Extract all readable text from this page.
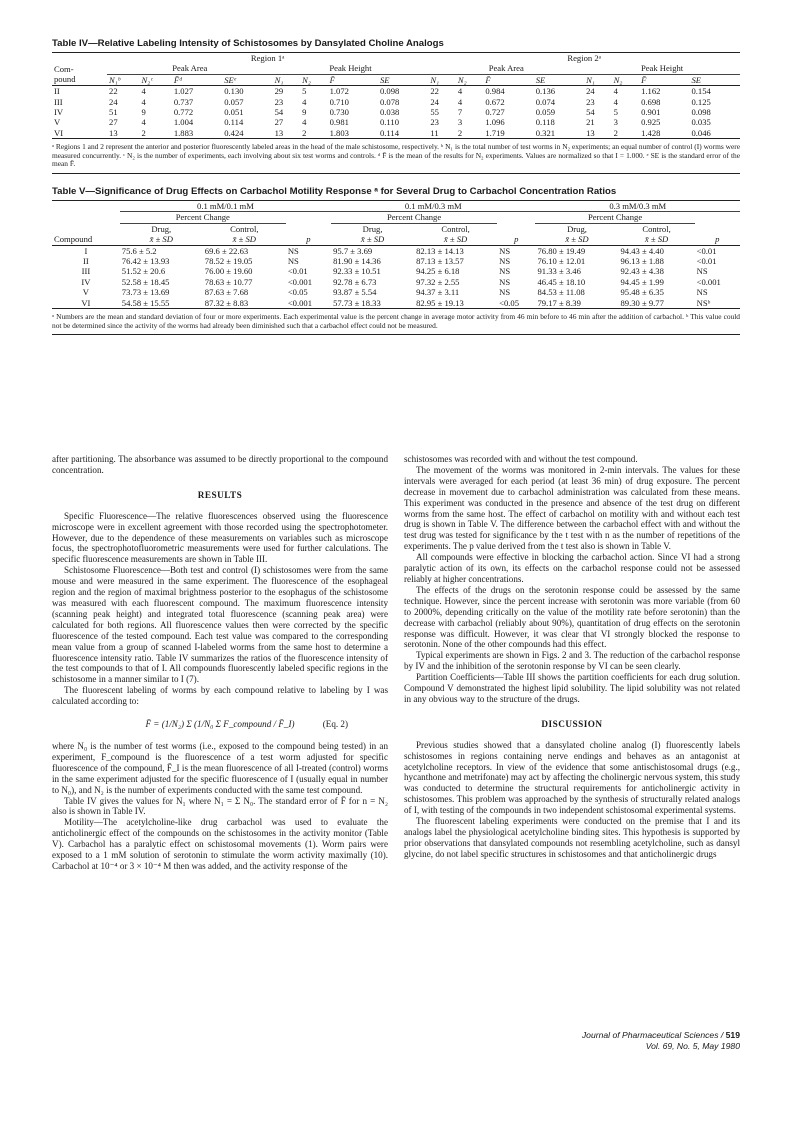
Table IV—Relative Labeling Intensity of Schistosomes by Dansylated Choline Analogs
	Region 1ᵃ								Region 2ᵃ							
Com-
pound	Peak Area				Peak Height				Peak Area				Peak Height			
	N₁ᵇ	N₂ᶜ	F̄ᵈ	SEᵉ	N₁	N₂	F̄	SE	N₁	N₂	F̄	SE	N₁	N₂	F̄	SE
II	22	4	1.027	0.130	29	5	1.072	0.098	22	4	0.984	0.136	24	4	1.162	0.154
III	24	4	0.737	0.057	23	4	0.710	0.078	24	4	0.672	0.074	23	4	0.698	0.125
IV	51	9	0.772	0.051	54	9	0.730	0.038	55	7	0.727	0.059	54	5	0.901	0.098
V	27	4	1.004	0.114	27	4	0.981	0.110	23	3	1.096	0.118	21	3	0.925	0.035
VI	13	2	1.883	0.424	13	2	1.803	0.114	11	2	1.719	0.321	13	2	1.428	0.046
ᵃ Regions 1 and 2 represent the anterior and posterior fluorescently labeled areas in the head of the male schistosome, respectively. ᵇ N₁ is the total number of test worms in N₂ experiments; an equal number of control (I) worms were measured concurrently. ᶜ N₂ is the number of experiments, each involving about six test worms and controls. ᵈ F̄ is the mean of the results for N₂ experiments. Values are normalized so that I = 1.000. ᵉ SE is the standard error of the mean F̄.
Table V—Significance of Drug Effects on Carbachol Motility Response ᵃ for Several Drug to Carbachol Concentration Ratios
	0.1 mM/0.1 mM			0.1 mM/0.3 mM			0.3 mM/0.3 mM		
	Percent Change			Percent Change			Percent Change		
	Drug,	Control,		Drug,	Control,		Drug,	Control,	
Compound	x̄ ± SD	x̄ ± SD	p	x̄ ± SD	x̄ ± SD	p	x̄ ± SD	x̄ ± SD	p
I	75.6 ± 5.2	69.6 ± 22.63	NS	95.7 ± 3.69	82.13 ± 14.13	NS	76.80 ± 19.49	94.43 ± 4.40	<0.01
II	76.42 ± 13.93	78.52 ± 19.05	NS	81.90 ± 14.36	87.13 ± 13.57	NS	76.10 ± 12.01	96.13 ± 1.88	<0.01
III	51.52 ± 20.6	76.00 ± 19.60	<0.01	92.33 ± 10.51	94.25 ± 6.18	NS	91.33 ± 3.46	92.43 ± 4.38	NS
IV	52.58 ± 18.45	78.63 ± 10.77	<0.001	92.78 ± 6.73	97.32 ± 2.55	NS	46.45 ± 18.10	94.45 ± 1.99	<0.001
V	73.73 ± 13.69	87.63 ± 7.68	<0.05	93.87 ± 5.54	94.37 ± 3.11	NS	84.53 ± 11.08	95.48 ± 6.35	NS
VI	54.58 ± 15.55	87.32 ± 8.83	<0.001	57.73 ± 18.33	82.95 ± 19.13	<0.05	79.17 ± 8.39	89.30 ± 9.77	NSᵇ
ᵃ Numbers are the mean and standard deviation of four or more experiments. Each experimental value is the percent change in average motor activity from 46 min before to 46 min after the addition of carbachol. ᵇ This value could not be determined since the activity of the worms had already been diminished such that a carbachol effect could not be measured.

after partitioning. The absorbance was assumed to be directly proportional to the compound concentration.

RESULTS

Specific Fluorescence—The relative fluorescences observed using the fluorescence microscope were in excellent agreement with those recorded using the spectrophotometer. However, due to the dependence of these measurements on variables such as microscope focus, the spectrophotofluorometric measurements were used for further calculations. The specific fluorescence measurements are shown in Table III.

Schistosome Fluorescence—Both test and control (I) schistosomes were from the same mouse and were measured in the same experiment. The fluorescence of the esophageal region and the region of maximal brightness posterior to the esophagus of the schistosome was measured with each fluorescent compound. The maximum fluorescence intensity (scanning peak height) and integrated total fluorescence (scanning peak area) were calculated for both regions. All fluorescence values then were corrected by the specific fluorescence of the tested compound. Each test value was compared to the corresponding mean value from a group of scanned I-labeled worms from the same host to determine a fluorescence intensity ratio. Table IV summarizes the ratios of the fluorescence intensity of the test compounds to that of I. All compounds fluorescently labeled specific regions in the schistosome in a manner similar to I (7).

The fluorescent labeling of worms by each compound relative to labeling by I was calculated according to:

F̄ = (1/N₂) Σ (1/N₀ Σ F_compound / F̄_I)	(Eq. 2)

where N₀ is the number of test worms (i.e., exposed to the compound being tested) in an experiment, F_compound is the fluorescence of a test worm adjusted for specific fluorescence of the compound, F̄_I is the mean fluorescence of all I-treated (control) worms in the same experiment adjusted for the specific fluorescence of I (usually equal in number to N₀), and N₂ is the number of experiments conducted with the same test compound.

Table IV gives the values for N₁ where N₁ = Σ N₀. The standard error of F̄ for n = N₂ also is shown in Table IV.

Motility—The acetylcholine-like drug carbachol was used to evaluate the anticholinergic effect of the compounds on the schistosomes in the activity monitor (Table V). Carbachol has a paralytic effect on schistosomal movements (1). Worm pairs were exposed to a 1 mM solution of serotonin to stimulate the worm activity maximally (10). Carbachol at 10⁻⁴ or 3 × 10⁻⁴ M then was added, and the activity response of the

schistosomes was recorded with and without the test compound.

The movement of the worms was monitored in 2-min intervals. The values for these intervals were averaged for each period (at least 36 min) of drug exposure. The percent decrease in movement due to carbachol administration was calculated from these means. This experiment was conducted in the presence and absence of the test drug on different worms from the same host. The effect of carbachol on motility with and without each test drug is shown in Table V. The difference between the carbachol effect with and without the test drug was tested for significance by the t test with n as the number of repetitions of the experiments. The p value derived from the t test also is shown in Table V.

All compounds were effective in blocking the carbachol action. Since VI had a strong paralytic action of its own, its effects on the carbachol response could not be assessed reliably at higher concentrations.

The effects of the drugs on the serotonin response could be assessed by the same technique. However, since the percent increase with serotonin was more variable (from 60 to 2000%, depending critically on the value of the motility rate before serotonin) than the decrease with carbachol (reliably about 90%), quantitation of drug effects on the serotonin response was difficult. However, it was clear that VI strongly blocked the response to serotonin. None of the other compounds had this effect.

Typical experiments are shown in Figs. 2 and 3. The reduction of the carbachol response by IV and the inhibition of the serotonin response by VI can be seen clearly.

Partition Coefficients—Table III shows the partition coefficients for each drug solution. Compound V demonstrated the highest lipid solubility. The lipid solubility was not related in any obvious way to the structure of the drugs.

DISCUSSION

Previous studies showed that a dansylated choline analog (I) fluorescently labels schistosomes in regions containing nerve endings and behaves as an antagonist at acetylcholine receptors. In view of the evidence that some antischistosomal drugs (e.g., hycanthone and metrifonate) may act by affecting the cholinergic nervous system, this study was conducted to determine the structural requirements for anticholinergic activity in schistosomes. This problem was approached by the synthesis of structurally related analogs of I, with testing of the compounds in two independent schistosomal experimental systems.

The fluorescent labeling experiments were conducted on the premise that I and its analogs label the physiological acetylcholine binding sites. This hypothesis is supported by prior observations that dansylated compounds not resembling acetylcholine, such as dansyl glycine, do not label specific structures in schistosomes and that anticholinergic drugs

Journal of Pharmaceutical Sciences / 519
Vol. 69, No. 5, May 1980
